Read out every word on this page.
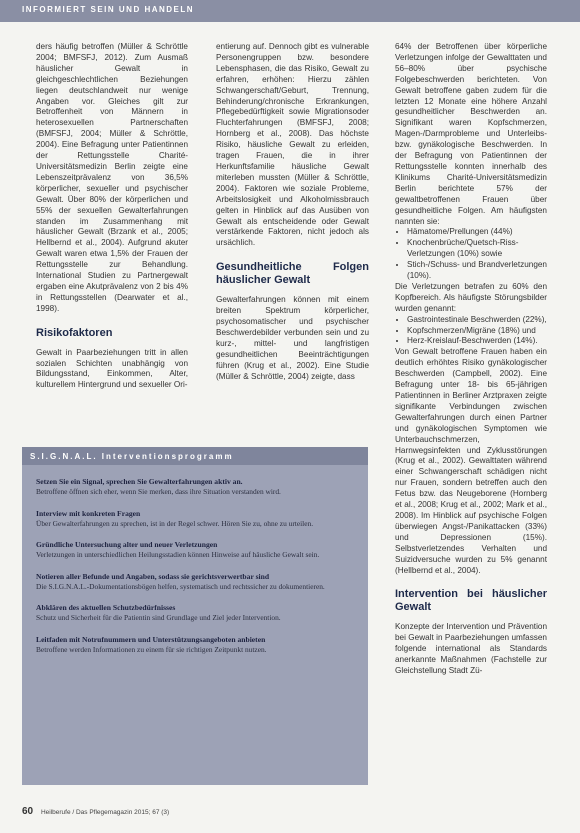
INFORMIERT SEIN UND HANDELN

ders häufig betroffen (Müller & Schröttle 2004; BMFSFJ, 2012). Zum Ausmaß häuslicher Gewalt in gleichgeschlechtlichen Beziehungen liegen deutschlandweit nur wenige Angaben vor. Gleiches gilt zur Betroffenheit von Männern in heterosexuellen Partnerschaften (BMFSFJ, 2004; Müller & Schröttle, 2004). Eine Befragung unter Patientinnen der Rettungsstelle Charité-Universitätsmedizin Berlin zeigte eine Lebenszeitprävalenz von 36,5% körperlicher, sexueller und psychischer Gewalt. Über 80% der körperlichen und 55% der sexuellen Gewalterfahrungen standen im Zusammenhang mit häuslicher Gewalt (Brzank et al., 2005; Hellbernd et al., 2004). Aufgrund akuter Gewalt waren etwa 1,5% der Frauen der Rettungsstelle zur Behandlung. International Studien zu Partnergewalt ergaben eine Akutprävalenz von 2 bis 4% in Rettungsstellen (Dearwater et al., 1998).

Risikofaktoren

Gewalt in Paarbeziehungen tritt in allen sozialen Schichten unabhängig von Bildungsstand, Einkommen, Alter, kulturellem Hintergrund und sexueller Ori-

entierung auf. Dennoch gibt es vulnerable Personengruppen bzw. besondere Lebensphasen, die das Risiko, Gewalt zu erfahren, erhöhen: Hierzu zählen Schwangerschaft/Geburt, Trennung, Behinderung/chronische Erkrankungen, Pflegebedürftigkeit sowie Migrationsoder Fluchterfahrungen (BMFSFJ, 2008; Hornberg et al., 2008). Das höchste Risiko, häusliche Gewalt zu erleiden, tragen Frauen, die in ihrer Herkunftsfamilie häusliche Gewalt miterleben mussten (Müller & Schröttle, 2004). Faktoren wie soziale Probleme, Arbeitslosigkeit und Alkoholmissbrauch gelten in Hinblick auf das Ausüben von Gewalt als entscheidende oder Gewalt verstärkende Faktoren, nicht jedoch als ursächlich.

Gesundheitliche Folgen häuslicher Gewalt

Gewalterfahrungen können mit einem breiten Spektrum körperlicher, psychosomatischer und psychischer Beschwerdebilder verbunden sein und zu kurz-, mittel- und langfristigen gesundheitlichen Beeinträchtigungen führen (Krug et al., 2002). Eine Studie (Müller & Schröttle, 2004) zeigte, dass

64% der Betroffenen über körperliche Verletzungen infolge der Gewalttaten und 56–80% über psychische Folgebeschwerden berichteten. Von Gewalt betroffene gaben zudem für die letzten 12 Monate eine höhere Anzahl gesundheitlicher Beschwerden an. Signifikant waren Kopfschmerzen, Magen-/Darmprobleme und Unterleibs- bzw. gynäkologische Beschwerden. In der Befragung von Patientinnen der Rettungsstelle konnten innerhalb des Klinikums Charité-Universitätsmedizin Berlin berichtete 57% der gewaltbetroffenen Frauen über gesundheitliche Folgen. Am häufigsten nannten sie:

• Hämatome/Prellungen (44%)
• Knochenbrüche/Quetsch-Riss-Verletzungen (10%) sowie
• Stich-/Schuss- und Brandverletzungen (10%).

Die Verletzungen betrafen zu 60% den Kopfbereich. Als häufigste Störungsbilder wurden genannt:

• Gastrointestinale Beschwerden (22%),
• Kopfschmerzen/Migräne (18%) und
• Herz-Kreislauf-Beschwerden (14%).

Von Gewalt betroffene Frauen haben ein deutlich erhöhtes Risiko gynäkologischer Beschwerden (Campbell, 2002). Eine Befragung unter 18- bis 65-jährigen Patientinnen in Berliner Arztpraxen zeigte signifikante Verbindungen zwischen Gewalterfahrungen durch einen Partner und gynäkologischen Symptomen wie Unterbauchschmerzen, Harnwegsinfekten und Zyklusstörungen (Krug et al., 2002). Gewalttaten während einer Schwangerschaft schädigen nicht nur Frauen, sondern betreffen auch den Fetus bzw. das Neugeborene (Hornberg et al., 2008; Krug et al., 2002; Mark et al., 2008). Im Hinblick auf psychische Folgen überwiegen Angst-/Panikattacken (33%) und Depressionen (15%). Selbstverletzendes Verhalten und Suizidversuche wurden zu 5% genannt (Hellbernd et al., 2004).

Intervention bei häuslicher Gewalt

Konzepte der Intervention und Prävention bei Gewalt in Paarbeziehungen umfassen folgende international als Standards anerkannte Maßnahmen (Fachstelle zur Gleichstellung Stadt Zü-

S.I.G.N.A.L. Interventionsprogramm
Setzen Sie ein Signal, sprechen Sie Gewalterfahrungen aktiv an.
Betroffene öffnen sich eher, wenn Sie merken, dass ihre Situation verstanden wird.
Interview mit konkreten Fragen
Über Gewalterfahrungen zu sprechen, ist in der Regel schwer. Hören Sie zu, ohne zu urteilen.
Gründliche Untersuchung alter und neuer Verletzungen
Verletzungen in unterschiedlichen Heilungsstadien können Hinweise auf häusliche Gewalt sein.
Notieren aller Befunde und Angaben, sodass sie gerichtsverwertbar sind
Die S.I.G.N.A.L.-Dokumentationsbögen helfen, systematisch und rechtssicher zu dokumentieren.
Abklären des aktuellen Schutzbedürfnisses
Schutz und Sicherheit für die Patientin sind Grundlage und Ziel jeder Intervention.
Leitfaden mit Notrufnummern und Unterstützungsangeboten anbieten
Betroffene werden Informationen zu einem für sie richtigen Zeitpunkt nutzen.
60 Heilberufe / Das Pflegemagazin 2015; 67 (3)
